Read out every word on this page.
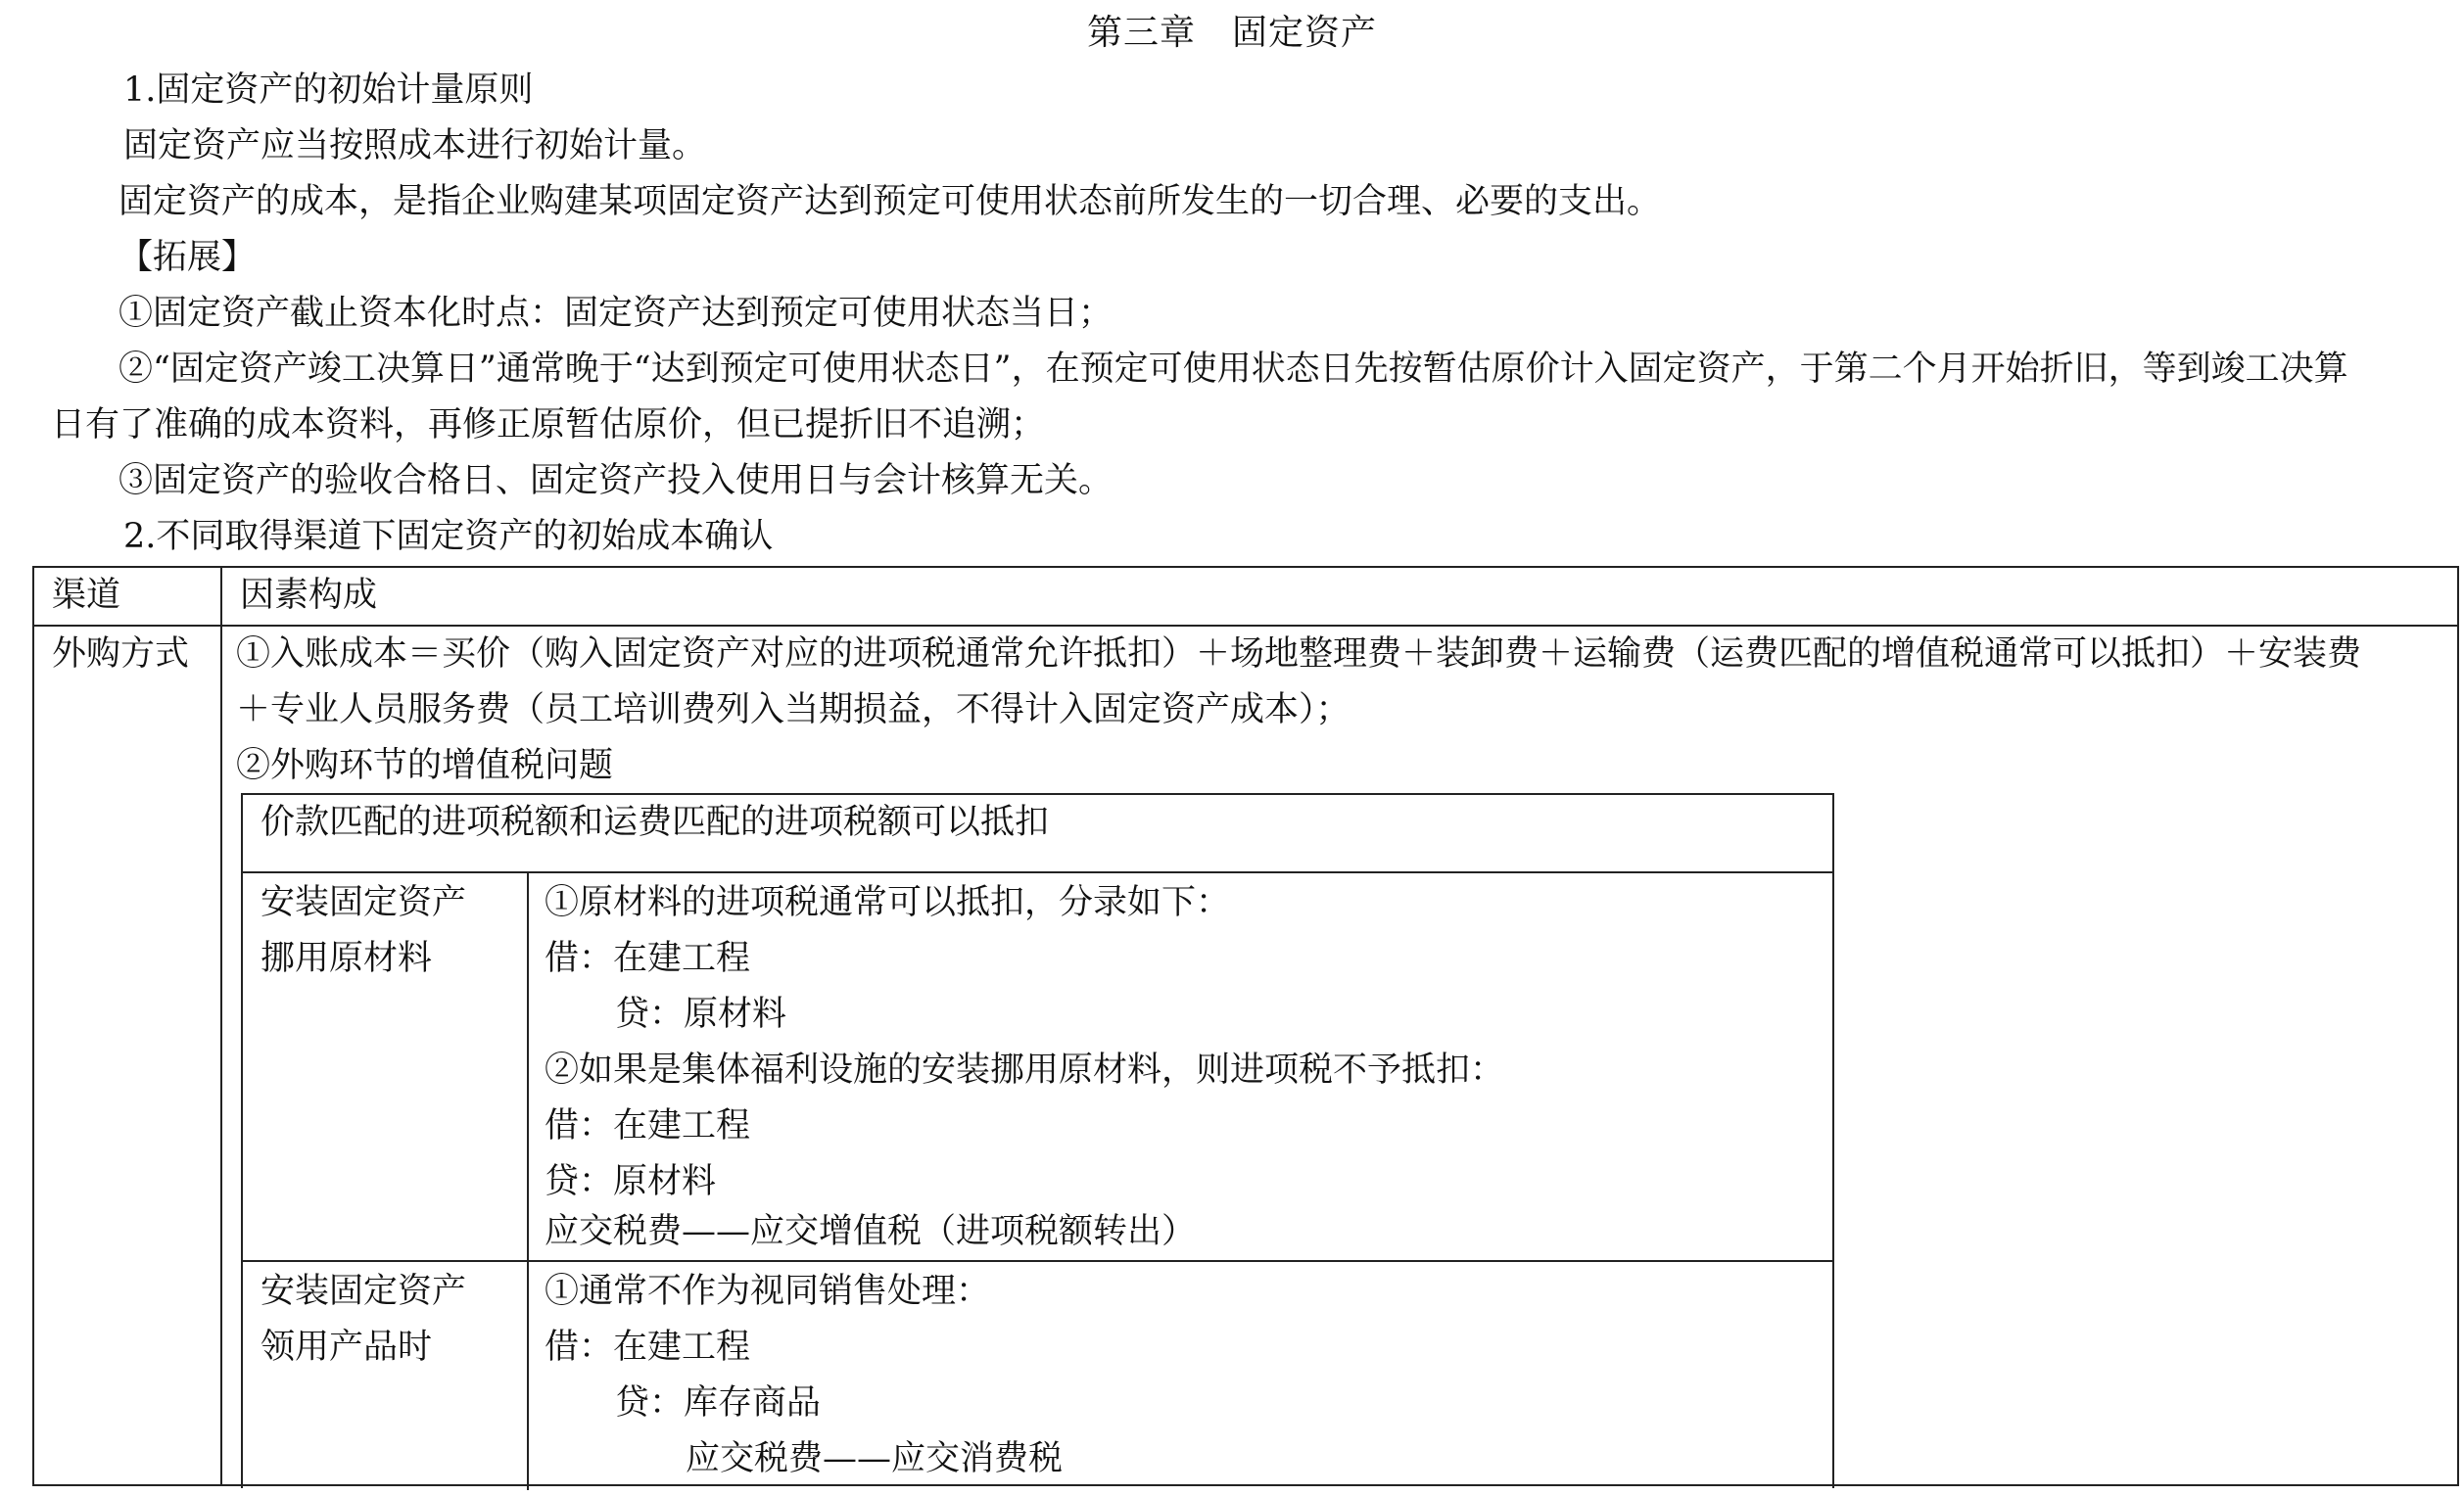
第三章　固定资产
1.固定资产的初始计量原则
固定资产应当按照成本进行初始计量。
固定资产的成本，是指企业购建某项固定资产达到预定可使用状态前所发生的一切合理、必要的支出。
【拓展】
①固定资产截止资本化时点：固定资产达到预定可使用状态当日；
②“固定资产竣工决算日”通常晚于“达到预定可使用状态日”，在预定可使用状态日先按暂估原价计入固定资产，于第二个月开始折旧，等到竣工决算
日有了准确的成本资料，再修正原暂估原价，但已提折旧不追溯；
③固定资产的验收合格日、固定资产投入使用日与会计核算无关。
2.不同取得渠道下固定资产的初始成本确认
渠道	因素构成
外购方式 ①入账成本＝买价（购入固定资产对应的进项税通常允许抵扣）＋场地整理费＋装卸费＋运输费（运费匹配的增值税通常可以抵扣）＋安装费
＋专业人员服务费（员工培训费列入当期损益，不得计入固定资产成本）；
②外购环节的增值税问题
价款匹配的进项税额和运费匹配的进项税额可以抵扣
安装固定资产
挪用原材料
①原材料的进项税通常可以抵扣，分录如下：
借：在建工程
贷：原材料
②如果是集体福利设施的安装挪用原材料，则进项税不予抵扣：
借：在建工程
贷：原材料
应交税费——应交增值税（进项税额转出）
安装固定资产
领用产品时
①通常不作为视同销售处理：
借：在建工程
贷：库存商品
应交税费——应交消费税
